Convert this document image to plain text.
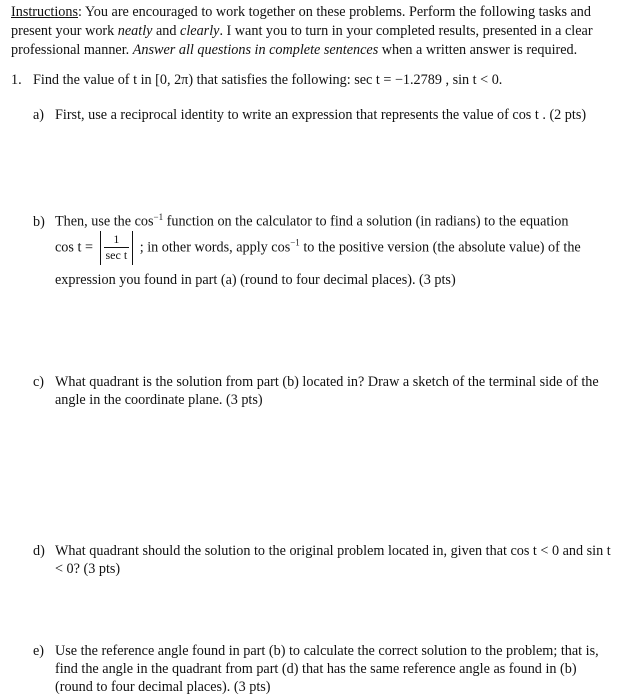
Instructions: You are encouraged to work together on these problems. Perform the following tasks and present your work neatly and clearly. I want you to turn in your completed results, presented in a clear professional manner. Answer all questions in complete sentences when a written answer is required.
1. Find the value of t in [0, 2π) that satisfies the following: sec t = −1.2789 , sin t < 0.
a) First, use a reciprocal identity to write an expression that represents the value of cos t . (2 pts)
b) Then, use the $\cos^{-1}$ function on the calculator to find a solution (in radians) to the equation
$\cos t = \frac{1}{\text{sec t}}$ ; in other words, apply $\cos^{-1}$ to the positive version (the absolute value) of the
expression you found in part (a) (round to four decimal places). (3 pts)
c) What quadrant is the solution from part (b) located in? Draw a sketch of the terminal side of the angle in the coordinate plane. (3 pts)
d) What quadrant should the solution to the original problem located in, given that cos t < 0 and sin t < 0? (3 pts)
e) Use the reference angle found in part (b) to calculate the correct solution to the problem; that is, find the angle in the quadrant from part (d) that has the same reference angle as found in (b) (round to four decimal places). (3 pts)
